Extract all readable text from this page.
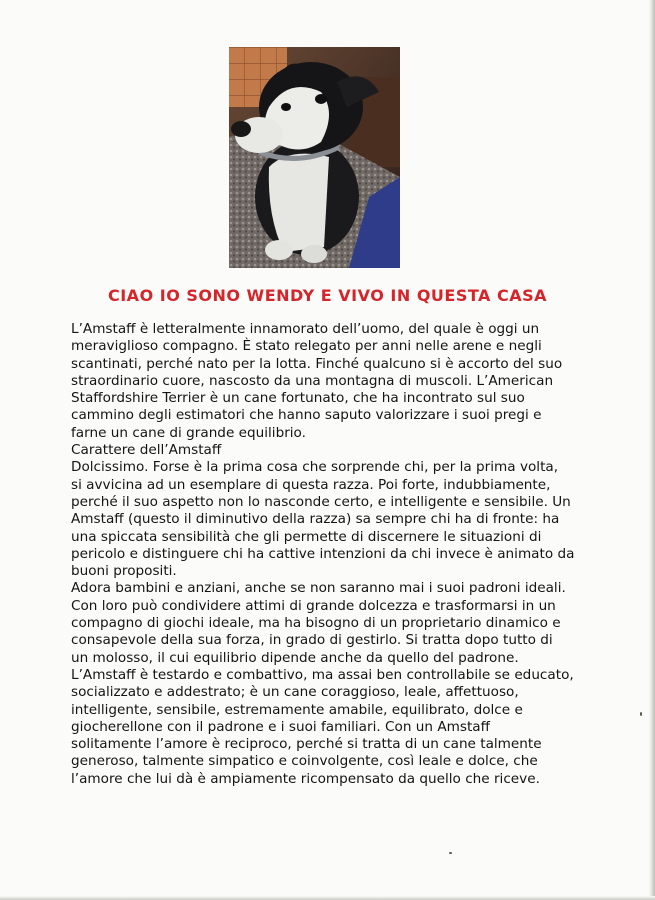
CIAO IO SONO WENDY E VIVO IN QUESTA CASA
L’Amstaff è letteralmente innamorato dell’uomo, del quale è oggi un
meraviglioso compagno. È stato relegato per anni nelle arene e negli
scantinati, perché nato per la lotta. Finché qualcuno si è accorto del suo
straordinario cuore, nascosto da una montagna di muscoli. L’American
Staffordshire Terrier è un cane fortunato, che ha incontrato sul suo
cammino degli estimatori che hanno saputo valorizzare i suoi pregi e
farne un cane di grande equilibrio.
Carattere dell’Amstaff
Dolcissimo. Forse è la prima cosa che sorprende chi, per la prima volta,
si avvicina ad un esemplare di questa razza. Poi forte, indubbiamente,
perché il suo aspetto non lo nasconde certo, e intelligente e sensibile. Un
Amstaff (questo il diminutivo della razza) sa sempre chi ha di fronte: ha
una spiccata sensibilità che gli permette di discernere le situazioni di
pericolo e distinguere chi ha cattive intenzioni da chi invece è animato da
buoni propositi.
Adora bambini e anziani, anche se non saranno mai i suoi padroni ideali.
Con loro può condividere attimi di grande dolcezza e trasformarsi in un
compagno di giochi ideale, ma ha bisogno di un proprietario dinamico e
consapevole della sua forza, in grado di gestirlo. Si tratta dopo tutto di
un molosso, il cui equilibrio dipende anche da quello del padrone.
L’Amstaff è testardo e combattivo, ma assai ben controllabile se educato,
socializzato e addestrato; è un cane coraggioso, leale, affettuoso,
intelligente, sensibile, estremamente amabile, equilibrato, dolce e
giocherellone con il padrone e i suoi familiari. Con un Amstaff
solitamente l’amore è reciproco, perché si tratta di un cane talmente
generoso, talmente simpatico e coinvolgente, così leale e dolce, che
l’amore che lui dà è ampiamente ricompensato da quello che riceve.
